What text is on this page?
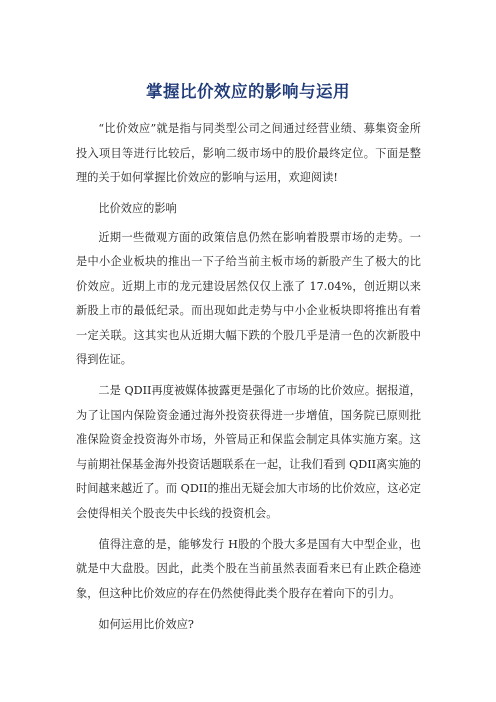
掌握比价效应的影响与运用

“比价效应”就是指与同类型公司之间通过经营业绩、募集资金所投入项目等进行比较后，影响二级市场中的股价最终定位。下面是整理的关于如何掌握比价效应的影响与运用，欢迎阅读!

比价效应的影响

近期一些微观方面的政策信息仍然在影响着股票市场的走势。一是中小企业板块的推出一下子给当前主板市场的新股产生了极大的比价效应。近期上市的龙元建设居然仅仅上涨了 17.04%，创近期以来新股上市的最低纪录。而出现如此走势与中小企业板块即将推出有着一定关联。这其实也从近期大幅下跌的个股几乎是清一色的次新股中得到佐证。

二是 QDII再度被媒体披露更是强化了市场的比价效应。据报道，为了让国内保险资金通过海外投资获得进一步增值，国务院已原则批准保险资金投资海外市场，外管局正和保监会制定具体实施方案。这与前期社保基金海外投资话题联系在一起，让我们看到 QDII离实施的时间越来越近了。而 QDII的推出无疑会加大市场的比价效应，这必定会使得相关个股丧失中长线的投资机会。

值得注意的是，能够发行 H股的个股大多是国有大中型企业，也就是中大盘股。因此，此类个股在当前虽然表面看来已有止跌企稳迹象，但这种比价效应的存在仍然使得此类个股存在着向下的引力。

如何运用比价效应?
